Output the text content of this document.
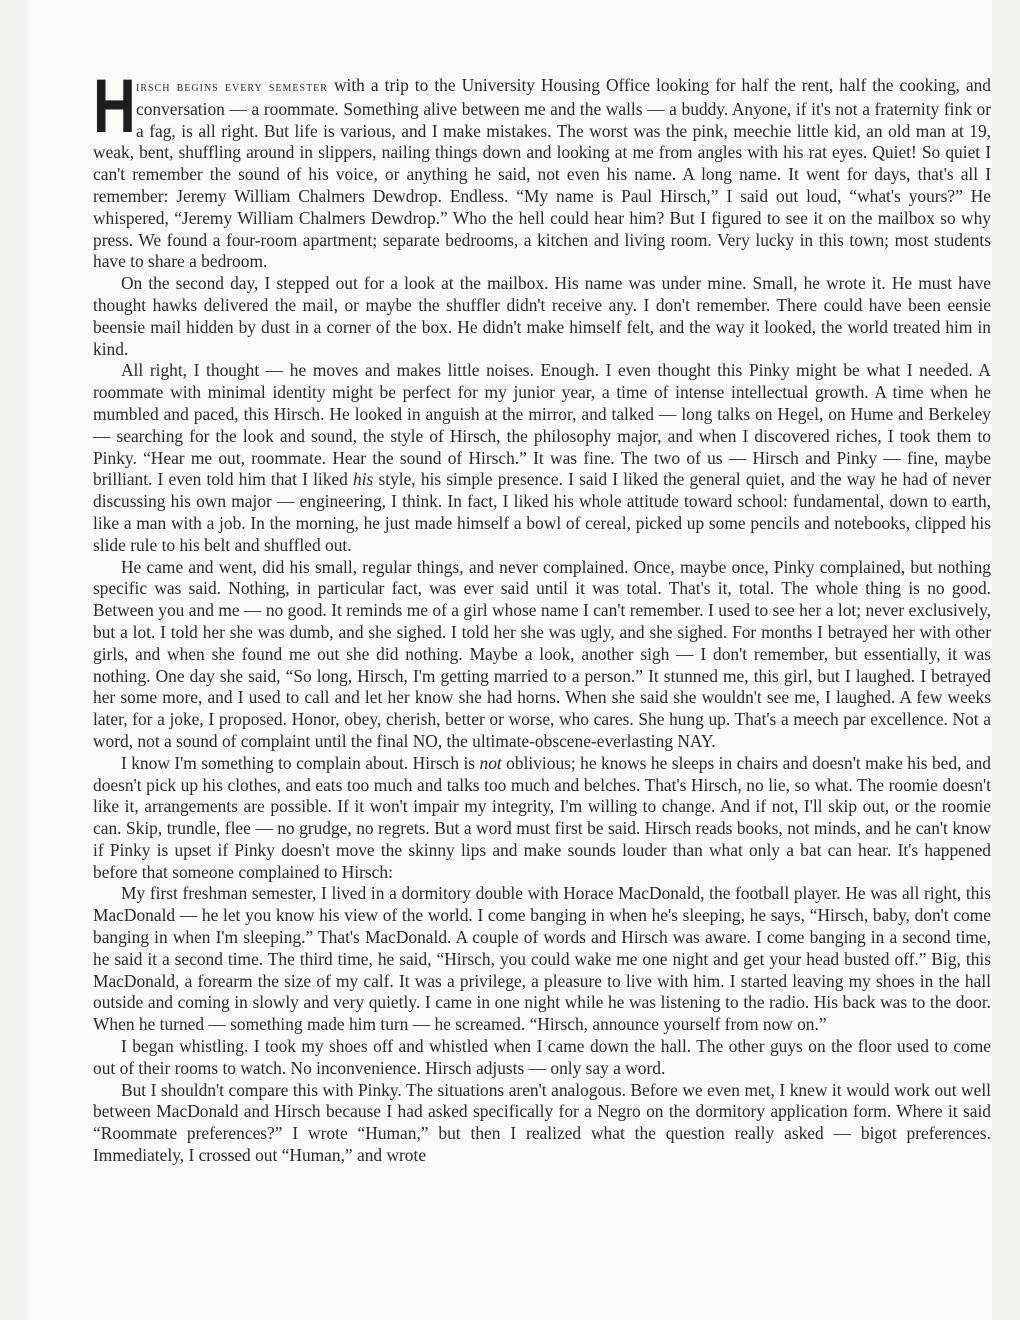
Hirsch begins every semester with a trip to the University Housing Office looking for half the rent, half the cooking, and conversation — a roommate. Something alive between me and the walls — a buddy. Anyone, if it's not a fraternity fink or a fag, is all right. But life is various, and I make mistakes. The worst was the pink, meechie little kid, an old man at 19, weak, bent, shuffling around in slippers, nailing things down and looking at me from angles with his rat eyes. Quiet! So quiet I can't remember the sound of his voice, or anything he said, not even his name. A long name. It went for days, that's all I remember: Jeremy William Chalmers Dewdrop. Endless. “My name is Paul Hirsch,” I said out loud, “what's yours?” He whispered, “Jeremy William Chalmers Dewdrop.” Who the hell could hear him? But I figured to see it on the mailbox so why press. We found a four-room apartment; separate bedrooms, a kitchen and living room. Very lucky in this town; most students have to share a bedroom.

On the second day, I stepped out for a look at the mailbox. His name was under mine. Small, he wrote it. He must have thought hawks delivered the mail, or maybe the shuffler didn't receive any. I don't remember. There could have been eensie beensie mail hidden by dust in a corner of the box. He didn't make himself felt, and the way it looked, the world treated him in kind.

All right, I thought — he moves and makes little noises. Enough. I even thought this Pinky might be what I needed. A roommate with minimal identity might be perfect for my junior year, a time of intense intellectual growth. A time when he mumbled and paced, this Hirsch. He looked in anguish at the mirror, and talked — long talks on Hegel, on Hume and Berkeley — searching for the look and sound, the style of Hirsch, the philosophy major, and when I discovered riches, I took them to Pinky. “Hear me out, roommate. Hear the sound of Hirsch.” It was fine. The two of us — Hirsch and Pinky — fine, maybe brilliant. I even told him that I liked his style, his simple presence. I said I liked the general quiet, and the way he had of never discussing his own major — engineering, I think. In fact, I liked his whole attitude toward school: fundamental, down to earth, like a man with a job. In the morning, he just made himself a bowl of cereal, picked up some pencils and notebooks, clipped his slide rule to his belt and shuffled out.

He came and went, did his small, regular things, and never complained. Once, maybe once, Pinky complained, but nothing specific was said. Nothing, in particular fact, was ever said until it was total. That's it, total. The whole thing is no good. Between you and me — no good. It reminds me of a girl whose name I can't remember. I used to see her a lot; never exclusively, but a lot. I told her she was dumb, and she sighed. I told her she was ugly, and she sighed. For months I betrayed her with other girls, and when she found me out she did nothing. Maybe a look, another sigh — I don't remember, but essentially, it was nothing. One day she said, “So long, Hirsch, I'm getting married to a person.” It stunned me, this girl, but I laughed. I betrayed her some more, and I used to call and let her know she had horns. When she said she wouldn't see me, I laughed. A few weeks later, for a joke, I proposed. Honor, obey, cherish, better or worse, who cares. She hung up. That's a meech par excellence. Not a word, not a sound of complaint until the final NO, the ultimate-obscene-everlasting NAY.

I know I'm something to complain about. Hirsch is not oblivious; he knows he sleeps in chairs and doesn't make his bed, and doesn't pick up his clothes, and eats too much and talks too much and belches. That's Hirsch, no lie, so what. The roomie doesn't like it, arrangements are possible. If it won't impair my integrity, I'm willing to change. And if not, I'll skip out, or the roomie can. Skip, trundle, flee — no grudge, no regrets. But a word must first be said. Hirsch reads books, not minds, and he can't know if Pinky is upset if Pinky doesn't move the skinny lips and make sounds louder than what only a bat can hear. It's happened before that someone complained to Hirsch:

My first freshman semester, I lived in a dormitory double with Horace MacDonald, the football player. He was all right, this MacDonald — he let you know his view of the world. I come banging in when he's sleeping, he says, “Hirsch, baby, don't come banging in when I'm sleeping.” That's MacDonald. A couple of words and Hirsch was aware. I come banging in a second time, he said it a second time. The third time, he said, “Hirsch, you could wake me one night and get your head busted off.” Big, this MacDonald, a forearm the size of my calf. It was a privilege, a pleasure to live with him. I started leaving my shoes in the hall outside and coming in slowly and very quietly. I came in one night while he was listening to the radio. His back was to the door. When he turned — something made him turn — he screamed. “Hirsch, announce yourself from now on.”

I began whistling. I took my shoes off and whistled when I came down the hall. The other guys on the floor used to come out of their rooms to watch. No inconvenience. Hirsch adjusts — only say a word.

But I shouldn't compare this with Pinky. The situations aren't analogous. Before we even met, I knew it would work out well between MacDonald and Hirsch because I had asked specifically for a Negro on the dormitory application form. Where it said “Roommate preferences?” I wrote “Human,” but then I realized what the question really asked — bigot preferences. Immediately, I crossed out “Human,” and wrote
